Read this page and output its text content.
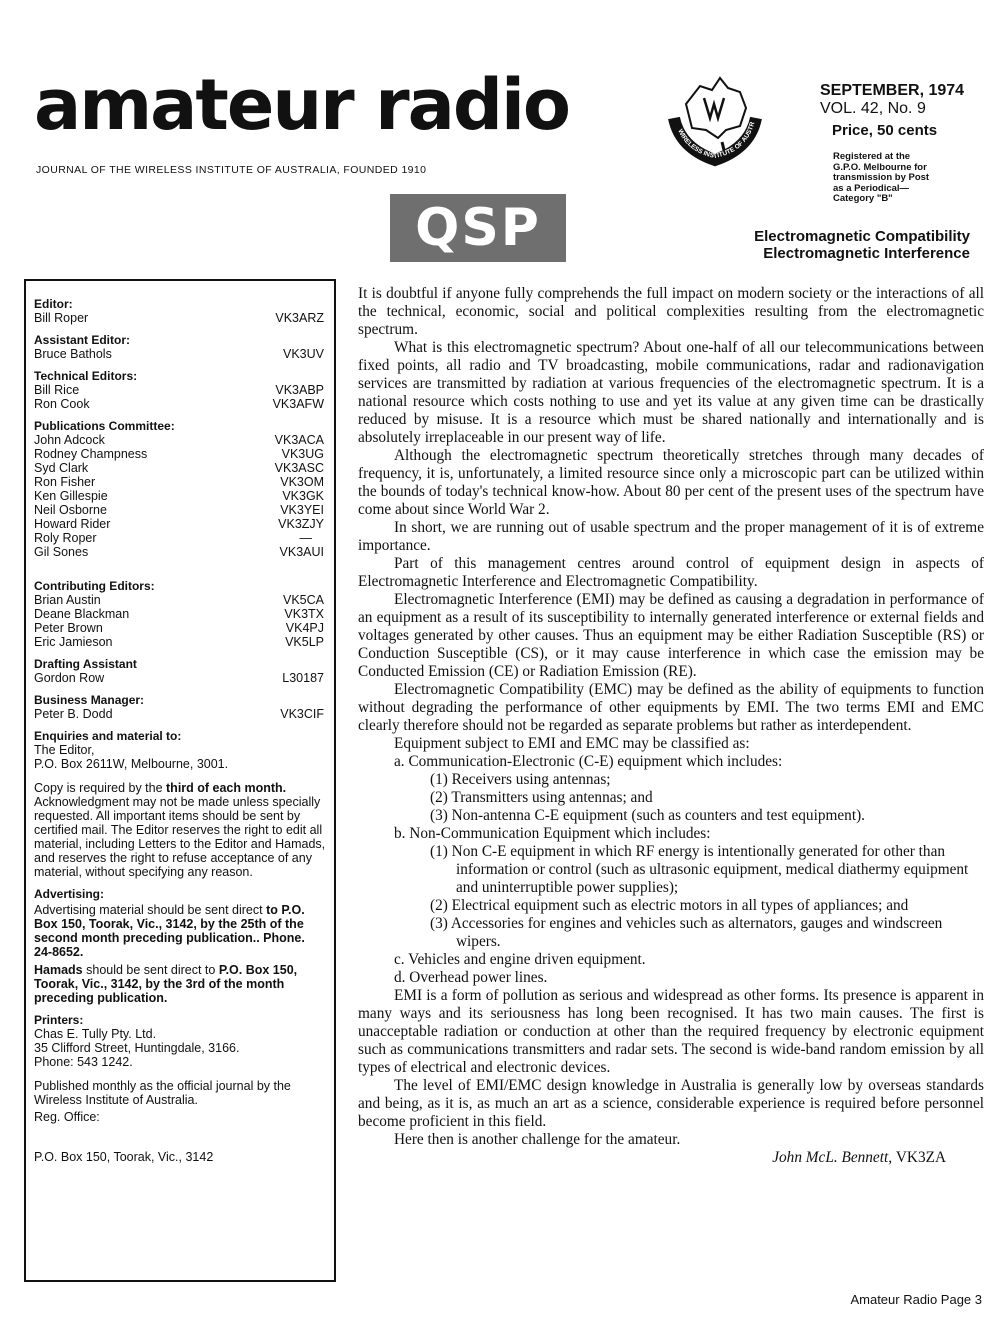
amateur radio
JOURNAL OF THE WIRELESS INSTITUTE OF AUSTRALIA, FOUNDED 1910
WIRELESS INSTITUTE OF AUSTR
SEPTEMBER, 1974
VOL. 42, No. 9
Price, 50 cents
Registered at the
G.P.O. Melbourne for
transmission by Post
as a Periodical—
Category "B"
QSP	Electromagnetic Compatibility
Electromagnetic Interference
Editor:
Bill Roper	VK3ARZ
Assistant Editor:
Bruce Bathols	VK3UV
Technical Editors:
Bill Rice	VK3ABP
Ron Cook	VK3AFW
Publications Committee:
John Adcock	VK3ACA
Rodney Champness	VK3UG
Syd Clark	VK3ASC
Ron Fisher	VK3OM
Ken Gillespie	VK3GK
Neil Osborne	VK3YEI
Howard Rider	VK3ZJY
Roly Roper	—
Gil Sones	VK3AUI
Contributing Editors:
Brian Austin	VK5CA
Deane Blackman	VK3TX
Peter Brown	VK4PJ
Eric Jamieson	VK5LP
Drafting Assistant
Gordon Row	L30187
Business Manager:
Peter B. Dodd	VK3CIF
Enquiries and material to:
The Editor,
P.O. Box 2611W, Melbourne, 3001.
Copy is required by the third of each month. Acknowledgment may not be made unless specially requested. All important items should be sent by certified mail. The Editor reserves the right to edit all material, including Letters to the Editor and Hamads, and reserves the right to refuse acceptance of any material, without specifying any reason.
Advertising:
Advertising material should be sent direct to P.O. Box 150, Toorak, Vic., 3142, by the 25th of the second month preceding publication.. Phone. 24-8652.
Hamads should be sent direct to P.O. Box 150, Toorak, Vic., 3142, by the 3rd of the month preceding publication.
Printers:
Chas E. Tully Pty. Ltd.
35 Clifford Street, Huntingdale, 3166.
Phone: 543 1242.
Published monthly as the official journal by the Wireless Institute of Australia.
Reg. Office:
P.O. Box 150, Toorak, Vic., 3142

It is doubtful if anyone fully comprehends the full impact on modern society or the interactions of all the technical, economic, social and political complexities resulting from the electromagnetic spectrum.

What is this electromagnetic spectrum? About one-half of all our telecommunications between fixed points, all radio and TV broadcasting, mobile communications, radar and radionavigation services are transmitted by radiation at various frequencies of the electromagnetic spectrum. It is a national resource which costs nothing to use and yet its value at any given time can be drastically reduced by misuse. It is a resource which must be shared nationally and internationally and is absolutely irreplaceable in our present way of life.

Although the electromagnetic spectrum theoretically stretches through many decades of frequency, it is, unfortunately, a limited resource since only a microscopic part can be utilized within the bounds of today's technical know-how. About 80 per cent of the present uses of the spectrum have come about since World War 2.

In short, we are running out of usable spectrum and the proper management of it is of extreme importance.

Part of this management centres around control of equipment design in aspects of Electromagnetic Interference and Electromagnetic Compatibility.

Electromagnetic Interference (EMI) may be defined as causing a degradation in performance of an equipment as a result of its susceptibility to internally generated interference or external fields and voltages generated by other causes. Thus an equipment may be either Radiation Susceptible (RS) or Conduction Susceptible (CS), or it may cause interference in which case the emission may be Conducted Emission (CE) or Radiation Emission (RE).

Electromagnetic Compatibility (EMC) may be defined as the ability of equipments to function without degrading the performance of other equipments by EMI. The two terms EMI and EMC clearly therefore should not be regarded as separate problems but rather as interdependent.

Equipment subject to EMI and EMC may be classified as:

a. Communication-Electronic (C-E) equipment which includes:
(1) Receivers using antennas;
(2) Transmitters using antennas; and
(3) Non-antenna C-E equipment (such as counters and test equipment).
b. Non-Communication Equipment which includes:
(1) Non C-E equipment in which RF energy is intentionally generated for other than information or control (such as ultrasonic equipment, medical diathermy equipment and uninterruptible power supplies);
(2) Electrical equipment such as electric motors in all types of appliances; and
(3) Accessories for engines and vehicles such as alternators, gauges and windscreen wipers.
c. Vehicles and engine driven equipment.
d. Overhead power lines.

EMI is a form of pollution as serious and widespread as other forms. Its presence is apparent in many ways and its seriousness has long been recognised. It has two main causes. The first is unacceptable radiation or conduction at other than the required frequency by electronic equipment such as communications transmitters and radar sets. The second is wide-band random emission by all types of electrical and electronic devices.

The level of EMI/EMC design knowledge in Australia is generally low by overseas standards and being, as it is, as much an art as a science, considerable experience is required before personnel become proficient in this field.

Here then is another challenge for the amateur.

John McL. Bennett, VK3ZA
Amateur Radio Page 3
